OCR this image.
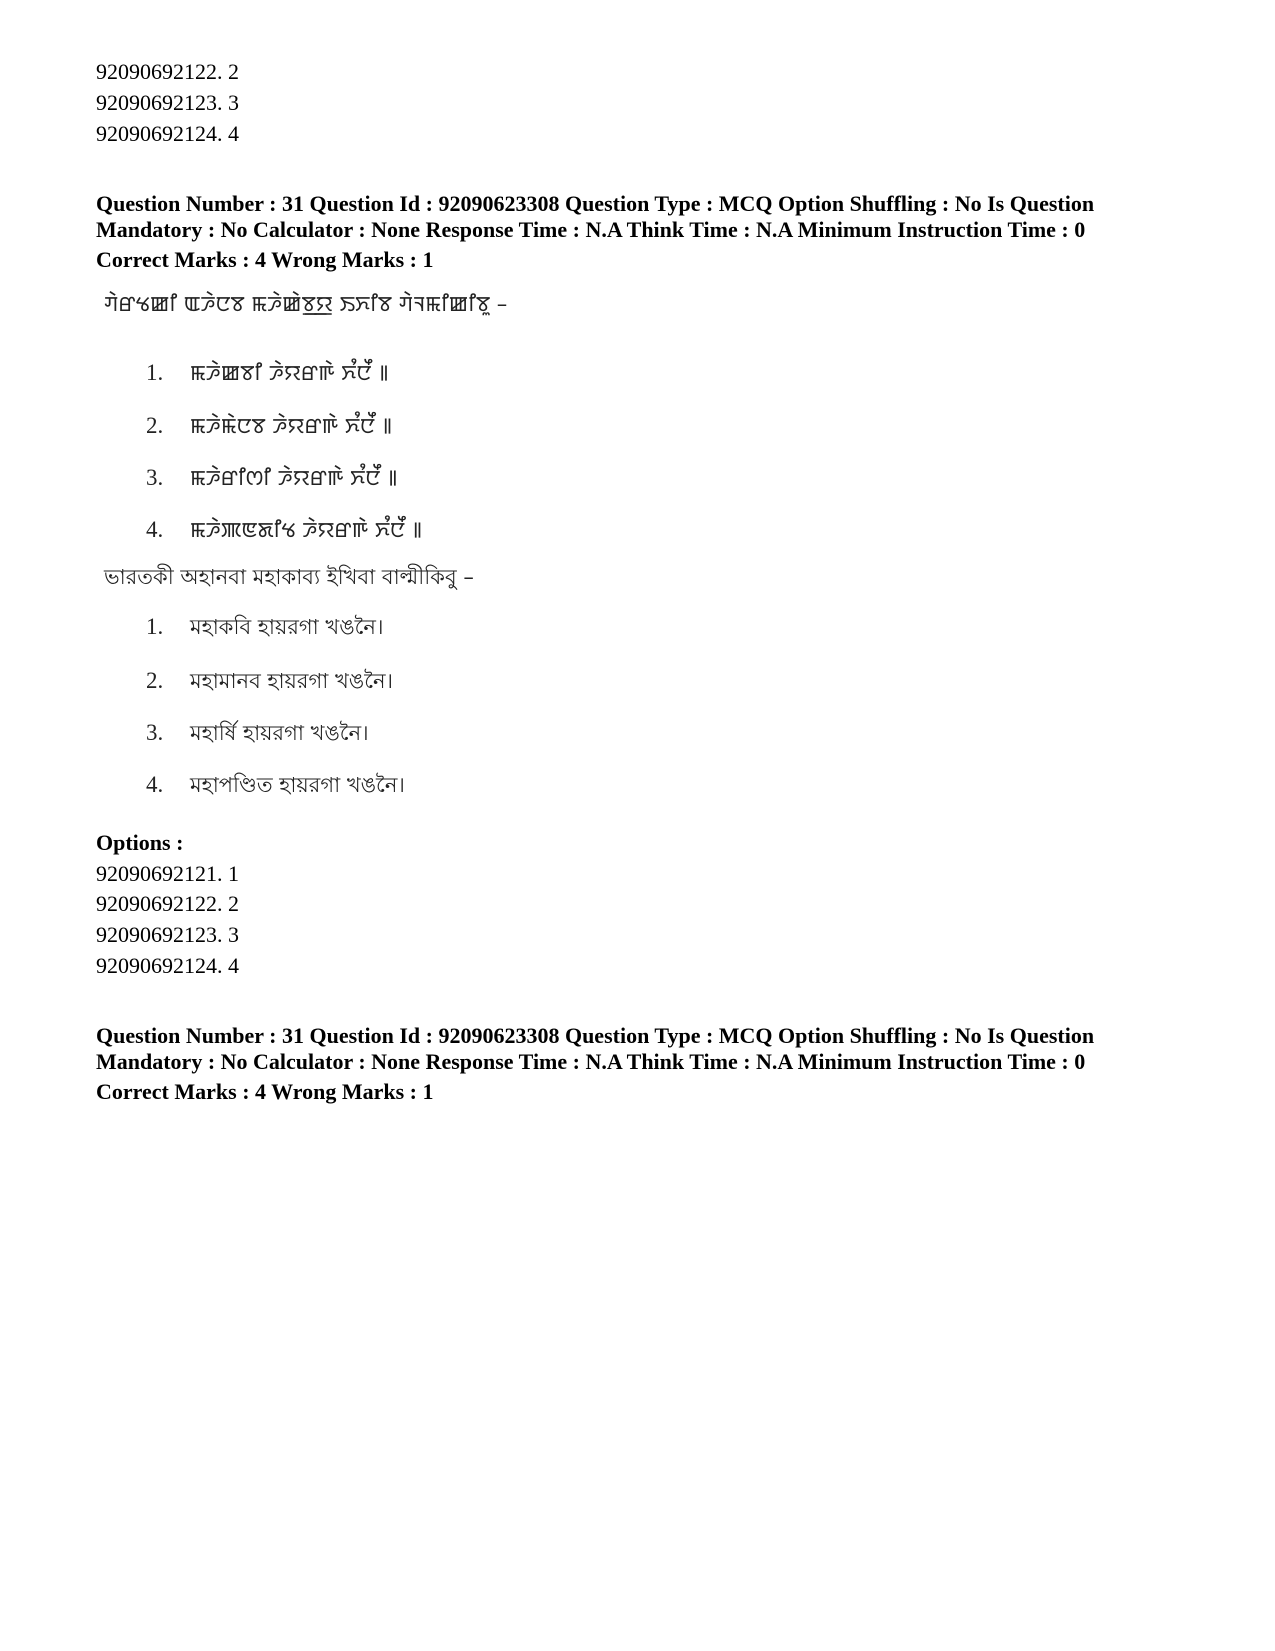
92090692122. 2
92090692123. 3
92090692124. 4
Question Number : 31 Question Id : 92090623308 Question Type : MCQ Option Shuffling : No Is Question
Mandatory : No Calculator : None Response Time : N.A Think Time : N.A Minimum Instruction Time : 0
Correct Marks : 4 Wrong Marks : 1
ꯚꯥꯔꯠꯀꯤ ꯑꯍꯥꯅꯕ ꯃꯍꯥꯀꯥꯕ꯭ꯌ ꯏꯈꯤꯕ ꯚꯥꯜꯃꯤꯀꯤꯕꯨ –
1. ꯃꯍꯥꯀꯕꯤ ꯍꯥꯌꯔꯒꯥ ꯈꯪꯅꯩ ꯫
2. ꯃꯍꯥꯃꯥꯅꯕ ꯍꯥꯌꯔꯒꯥ ꯈꯪꯅꯩ ꯫
3. ꯃꯍꯥꯔꯤꯁꯤ ꯍꯥꯌꯔꯒꯥ ꯈꯪꯅꯩ ꯫
4. ꯃꯍꯥꯄꯟꯗꯤꯠ ꯍꯥꯌꯔꯒꯥ ꯈꯪꯅꯩ ꯫
ভারতকী অহানবা মহাকাব্য ইখিবা বাল্মীকিবু –
1. মহাকবি হায়রগা খঙনৈ।
2. মহামানব হায়রগা খঙনৈ।
3. মহার্ষি হায়রগা খঙনৈ।
4. মহাপণ্ডিত হায়রগা খঙনৈ।
Options :
92090692121. 1
92090692122. 2
92090692123. 3
92090692124. 4
Question Number : 31 Question Id : 92090623308 Question Type : MCQ Option Shuffling : No Is Question
Mandatory : No Calculator : None Response Time : N.A Think Time : N.A Minimum Instruction Time : 0
Correct Marks : 4 Wrong Marks : 1
